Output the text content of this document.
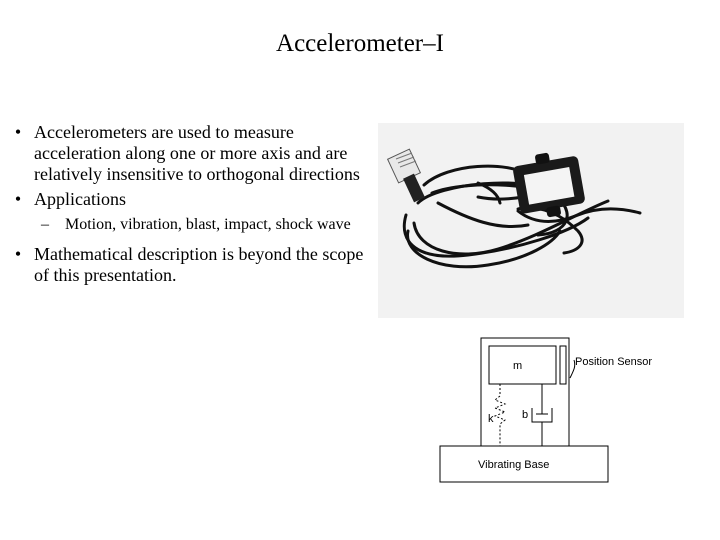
Accelerometer–I
• Accelerometers are used to measure acceleration along one or more axis and are relatively insensitive to orthogonal directions
• Applications
– Motion, vibration, blast, impact, shock wave
• Mathematical description is beyond the scope of this presentation.
m	Position Sensor
k	b
Vibrating Base
